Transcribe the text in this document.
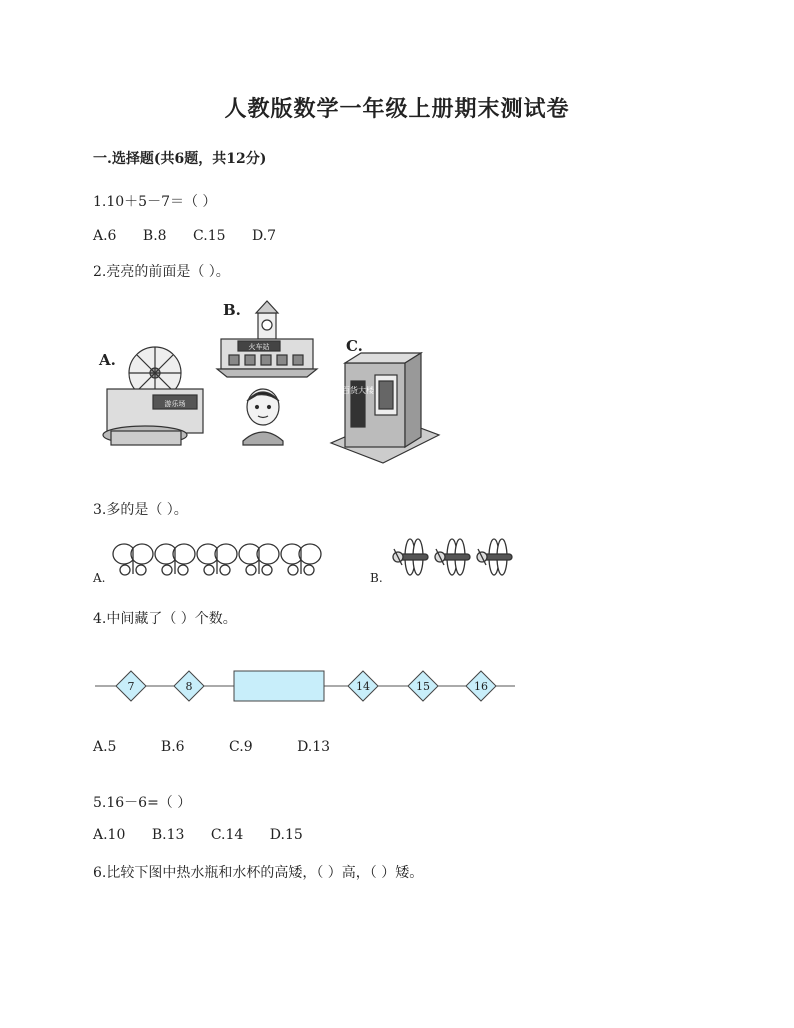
人教版数学一年级上册期末测试卷
一.选择题(共6题，共12分)
1.10＋5－7＝（ ）
A.6 B.8 C.15 D.7
2.亮亮的前面是（ ）。
A.
游乐场
B.
火车站	C.
百货大楼
3.多的是（ ）。
A.	B.
4.中间藏了（ ）个数。
7	8	14	15	16
A.5	B.6	C.9	D.13
5.16－6=（ ）
A.10 B.13 C.14 D.15
6.比较下图中热水瓶和水杯的高矮，（ ）高，（ ）矮。
